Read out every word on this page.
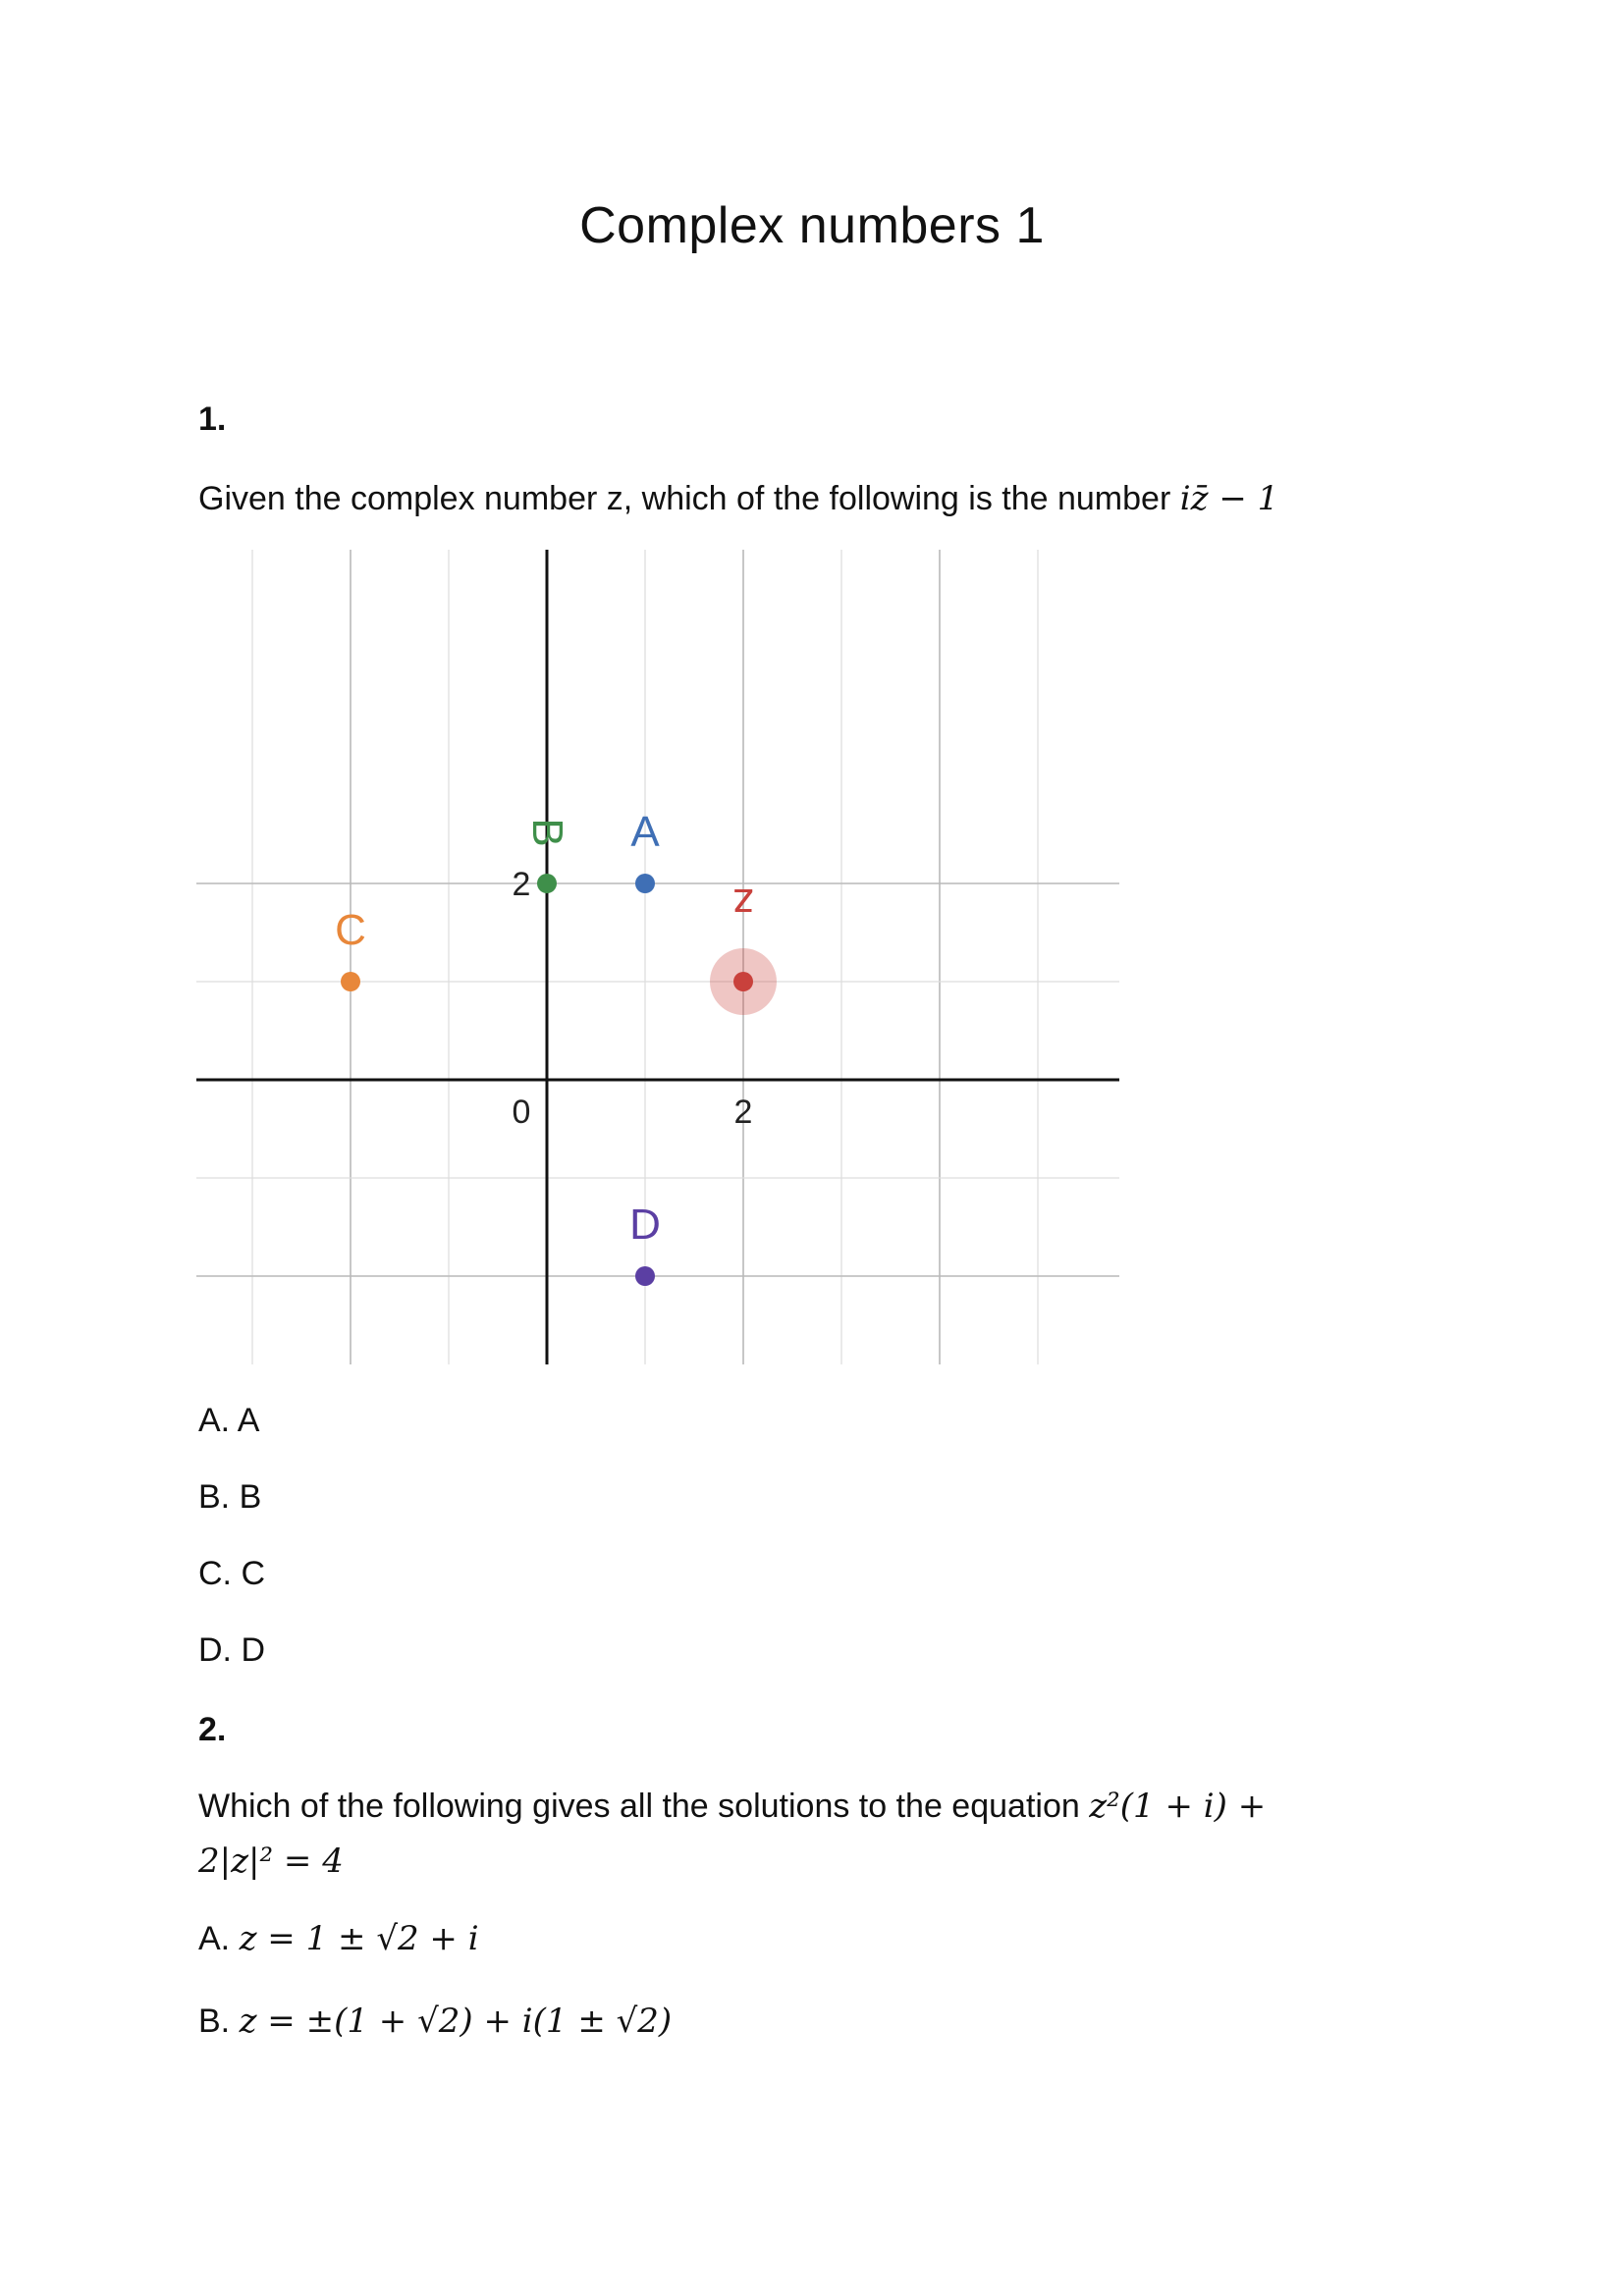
Complex numbers 1
1.
Given the complex number z, which of the following is the number iz̄ − 1
0	2
2
A
B
C
D
z
A. A
B. B
C. C
D. D
2.
Which of the following gives all the solutions to the equation z²(1 + i) +
2|z|² = 4
A. z = 1 ± √2 + i
B. z = ±(1 + √2) + i(1 ± √2)
